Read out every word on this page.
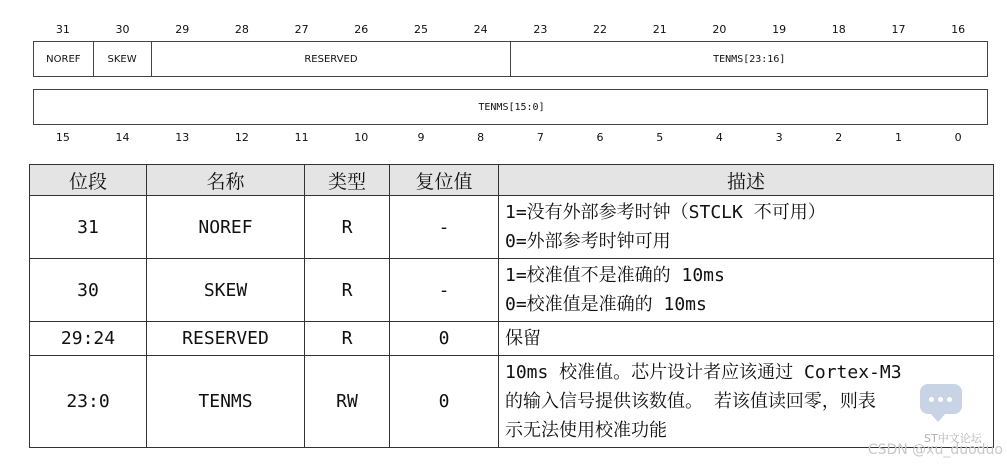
31	30	29	28	27	26	25	24	23	22	21	20	19	18	17	16
NOREF	SKEW	RESERVED	TENMS[23:16]
TENMS[15:0]
15	14	13	12	11	10	9	8	7	6	5	4	3	2	1	0
位段	名称	类型	复位值	描述
31	NOREF	R	-	1=没有外部参考时钟（STCLK 不可用）
0=外部参考时钟可用

30	SKEW	R	-	1=校准值不是准确的 10ms
0=校准值是准确的 10ms

29:24	RESERVED	R	0	保留

23:0	TENMS	RW	0	10ms 校准值。芯片设计者应该通过 Cortex-M3
的输入信号提供该数值。 若该值读回零，则表
示无法使用校准功能	ST中文论坛
CSDN @xu_duoduo
